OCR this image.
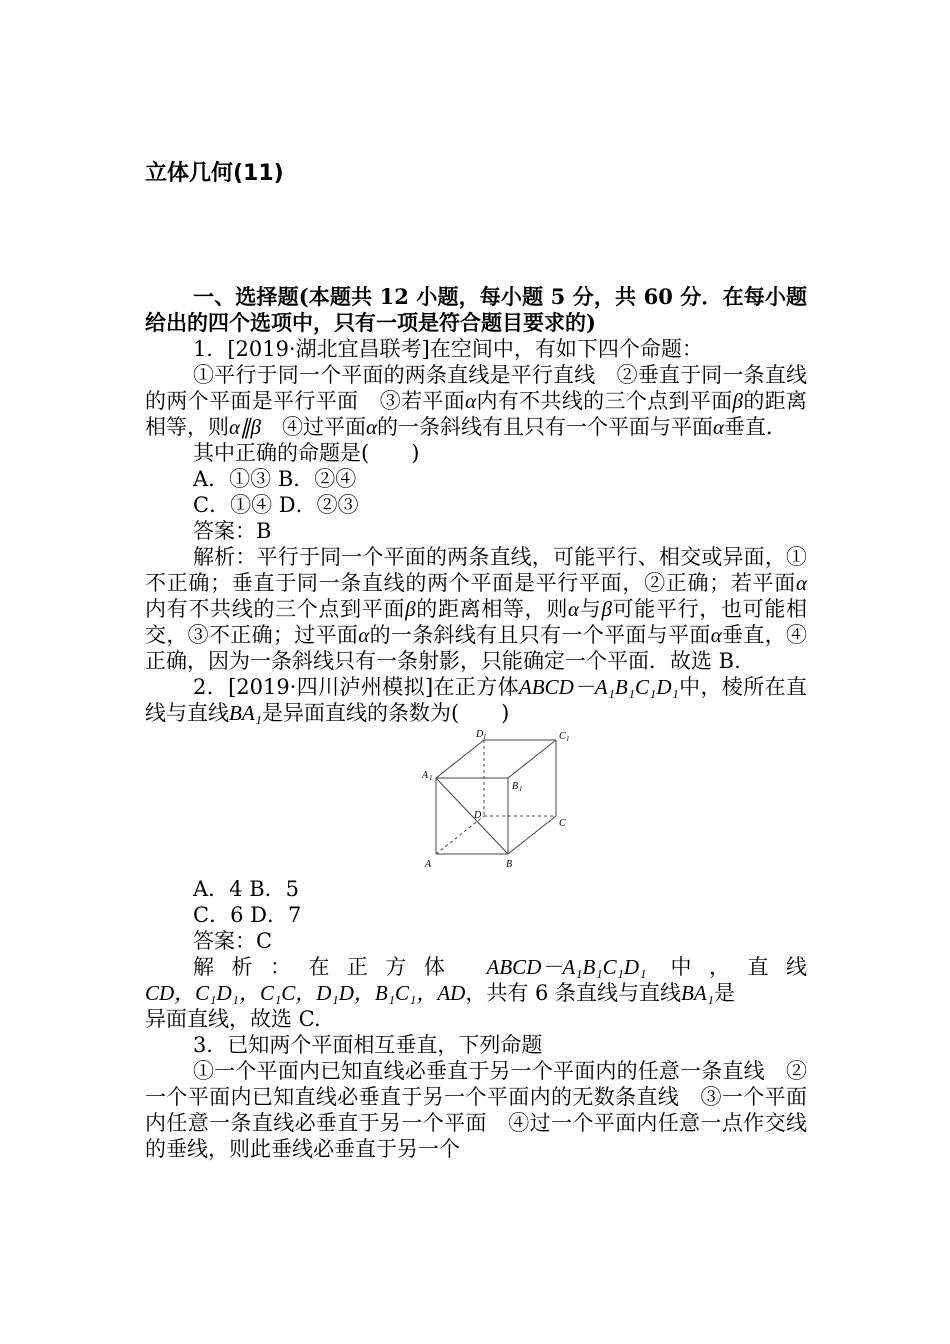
立体几何(11)

一、选择题(本题共 12 小题，每小题 5 分，共 60 分．在每小题给出的四个选项中，只有一项是符合题目要求的)

1．[2019·湖北宜昌联考]在空间中，有如下四个命题：

①平行于同一个平面的两条直线是平行直线　②垂直于同一条直线的两个平面是平行平面　③若平面α内有不共线的三个点到平面β的距离相等，则α∥β　④过平面α的一条斜线有且只有一个平面与平面α垂直．

其中正确的命题是(　　)

A．①③ B．②④

C．①④ D．②③

答案：B

解析：平行于同一个平面的两条直线，可能平行、相交或异面，①不正确；垂直于同一条直线的两个平面是平行平面，②正确；若平面α内有不共线的三个点到平面β的距离相等，则α与β可能平行，也可能相交，③不正确；过平面α的一条斜线有且只有一个平面与平面α垂直，④正确，因为一条斜线只有一条射影，只能确定一个平面．故选 B.

2．[2019·四川泸州模拟]在正方体ABCD－A₁B₁C₁D₁中，棱所在直线与直线BA₁是异面直线的条数为(　　)

D 1	C 1
A 1
B 1
D
C
A	B

A．4 B．5

C．6 D．7

答案：C

解析：在正方体 ABCD－A₁B₁C₁D₁ 中，直线

CD，C₁D₁，C₁C，D₁D，B₁C₁，AD，共有 6 条直线与直线BA₁是

异面直线，故选 C.

3．已知两个平面相互垂直，下列命题

①一个平面内已知直线必垂直于另一个平面内的任意一条直线　②一个平面内已知直线必垂直于另一个平面内的无数条直线　③一个平面内任意一条直线必垂直于另一个平面　④过一个平面内任意一点作交线的垂线，则此垂线必垂直于另一个
